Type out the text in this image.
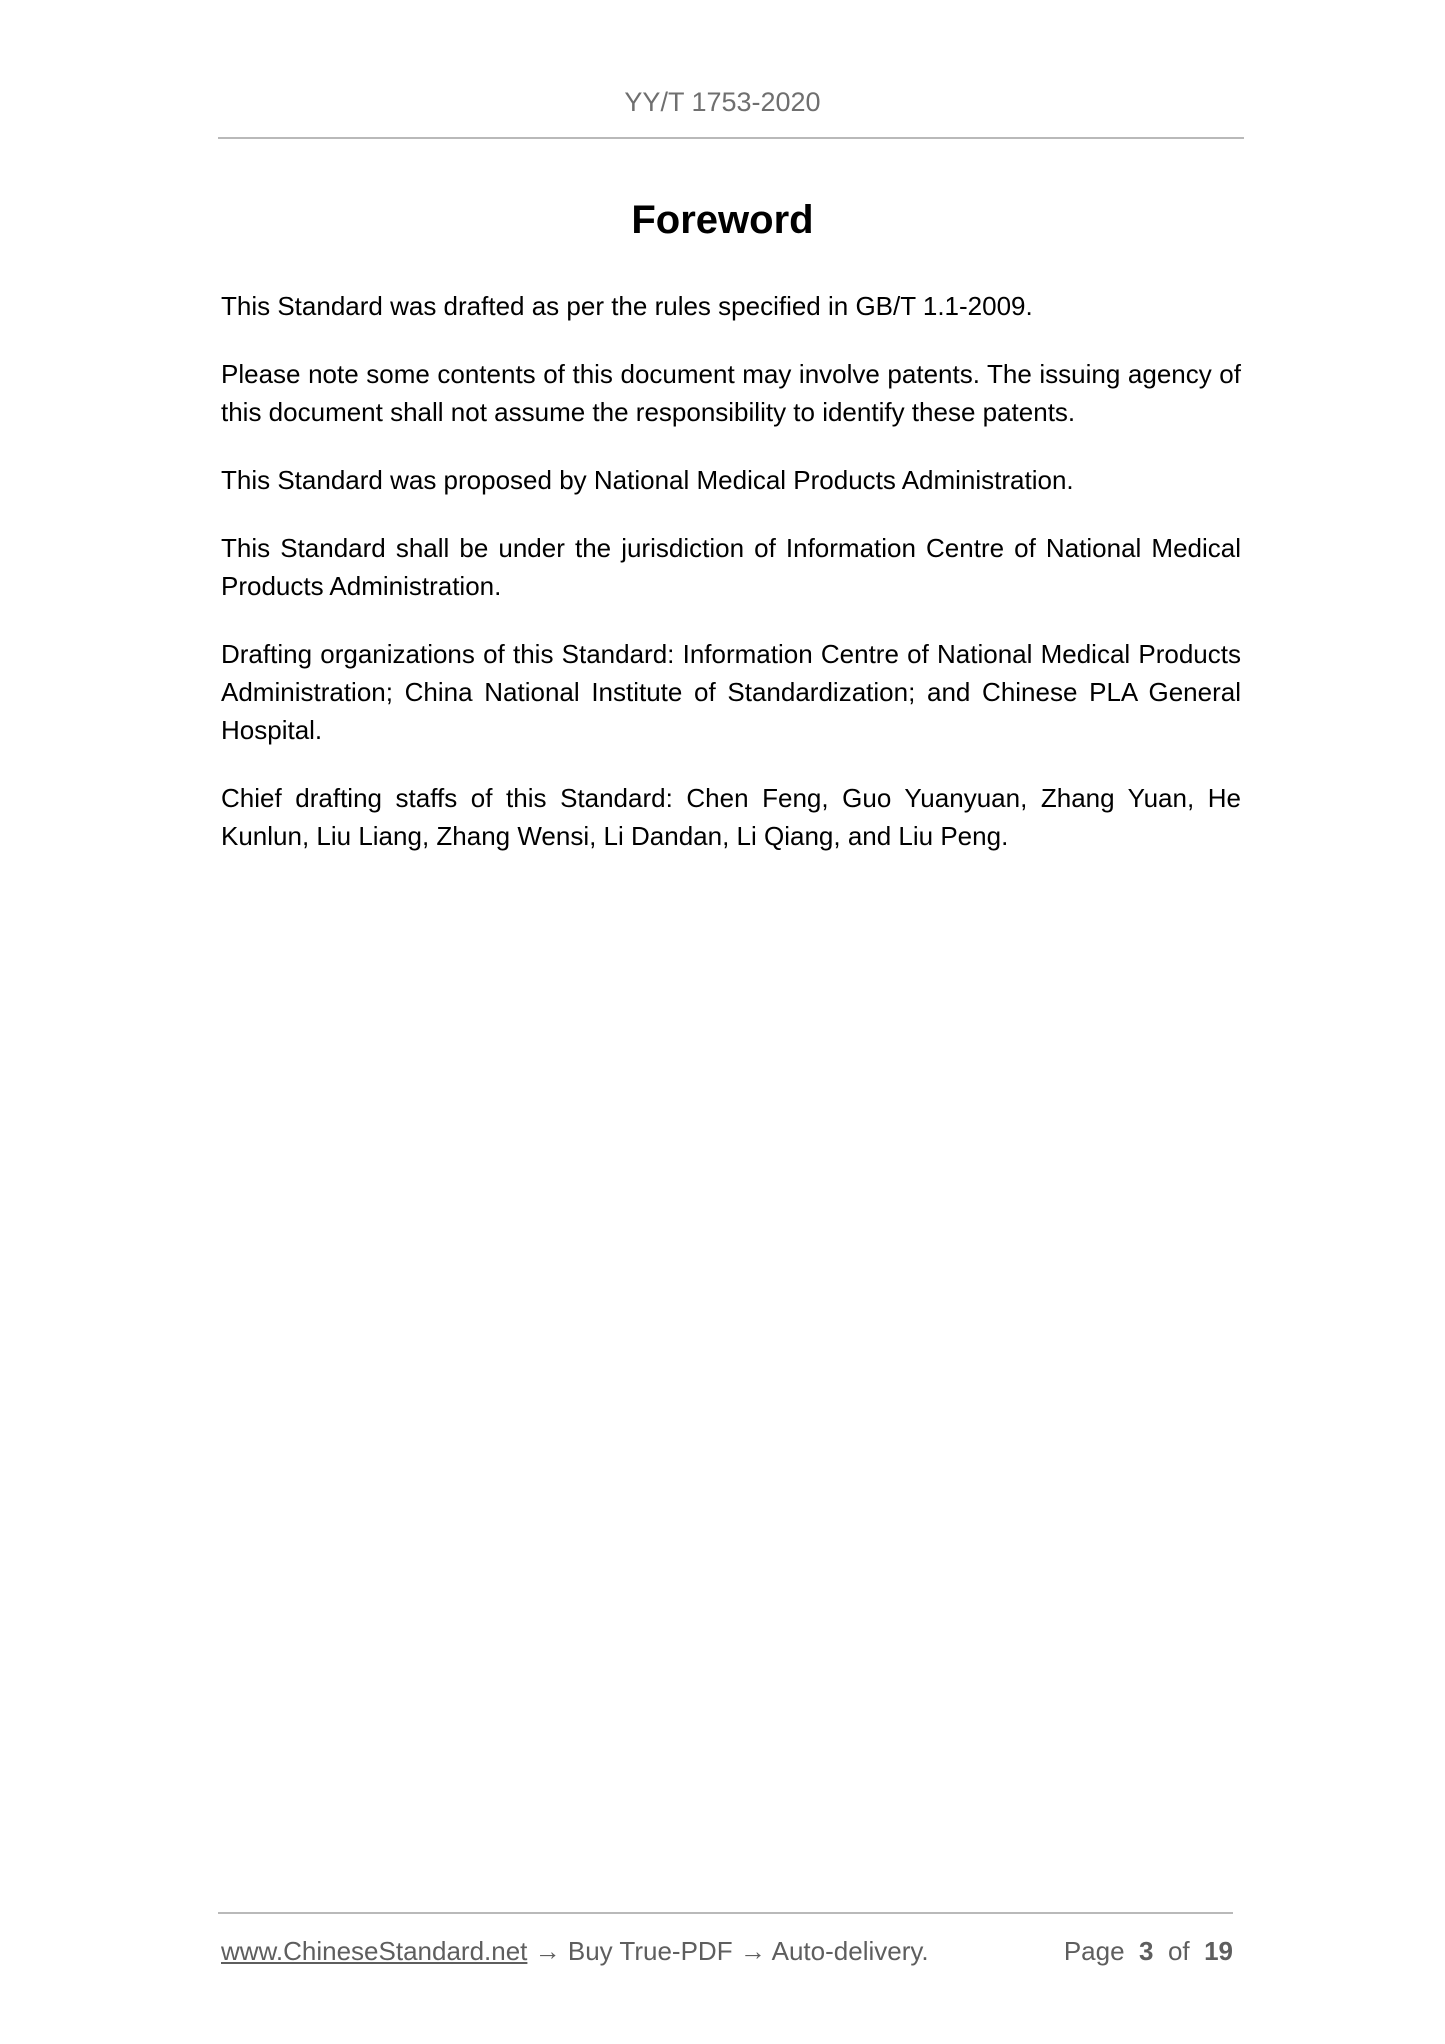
YY/T 1753-2020
Foreword

This Standard was drafted as per the rules specified in GB/T 1.1-2009.

Please note some contents of this document may involve patents. The issuing agency of this document shall not assume the responsibility to identify these patents.

This Standard was proposed by National Medical Products Administration.

This Standard shall be under the jurisdiction of Information Centre of National Medical Products Administration.

Drafting organizations of this Standard: Information Centre of National Medical Products Administration; China National Institute of Standardization; and Chinese PLA General Hospital.

Chief drafting staffs of this Standard: Chen Feng, Guo Yuanyuan, Zhang Yuan, He Kunlun, Liu Liang, Zhang Wensi, Li Dandan, Li Qiang, and Liu Peng.

www.ChineseStandard.net → Buy True-PDF → Auto-delivery.	Page 3 of 19
